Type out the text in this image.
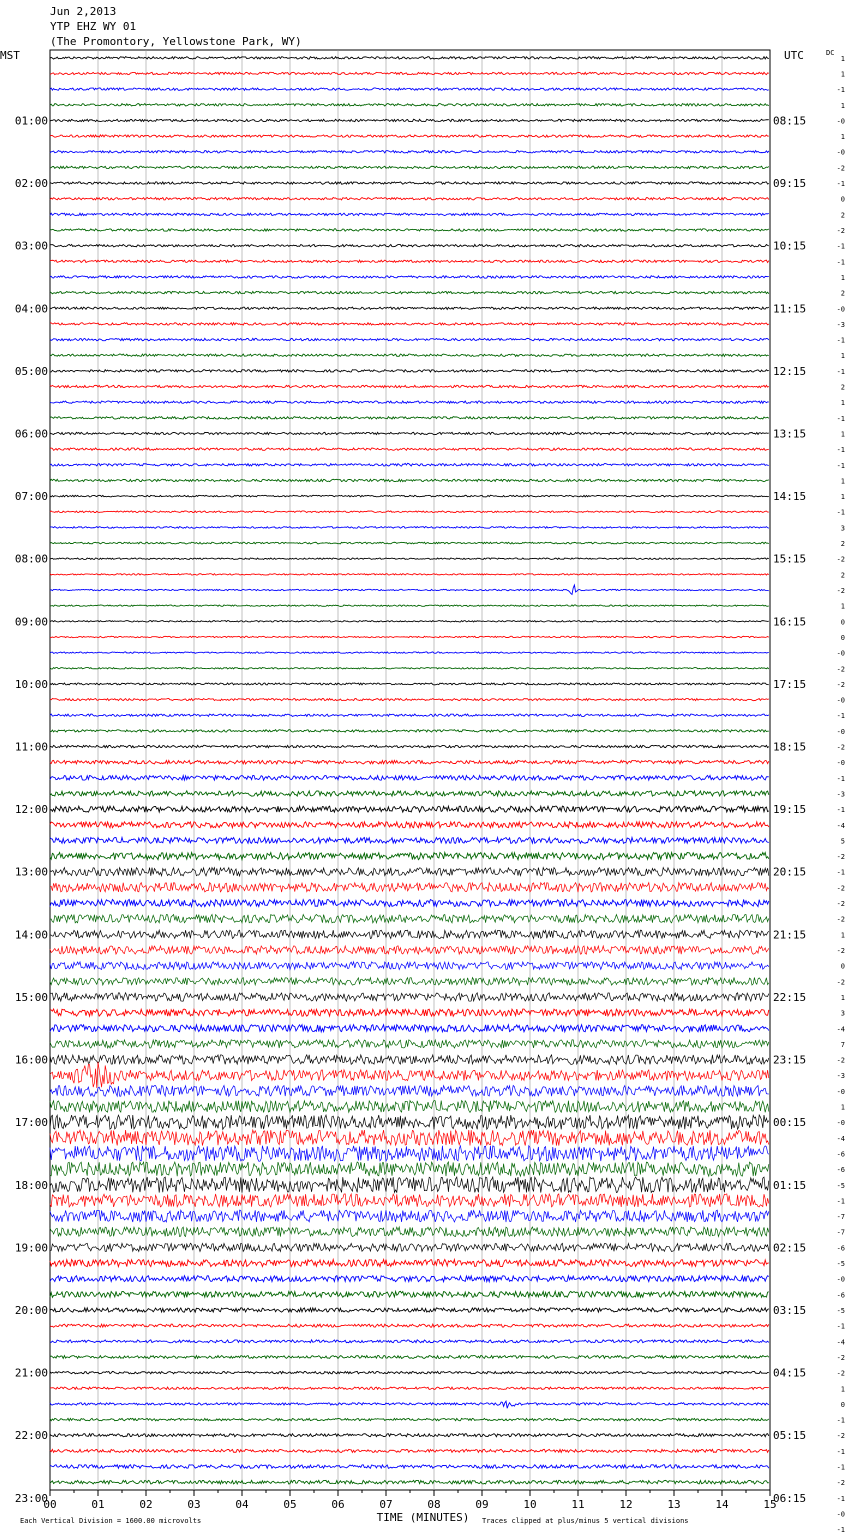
Jun 2,2013
YTP EHZ WY 01
(The Promontory, Yellowstone Park, WY)
MST	UTC	DC
01:00	08:15
02:00	09:15
03:00	10:15
04:00	11:15
05:00	12:15
06:00	13:15
07:00	14:15
08:00	15:15
09:00	16:15
10:00	17:15
11:00	18:15
12:00	19:15
13:00	20:15
14:00	21:15
15:00	22:15
16:00	23:15
17:00	00:15
18:00	01:15
19:00	02:15
20:00	03:15
21:00	04:15
22:00	05:15
23:00	06:15
1
1
-1
1
-0
1
-0
-2
-1
0
2
-2
-1
-1
1
2
-0
-3
-1
1
-1
2
1
-1
1
-1
-1
1
1
-1
3
2
-2
2
-2
1
0
0
-0
-2
-2
-0
-1
-0
-2
-0
-1
-3
-1
-4
5
-2
-1
-2
-2
-2
1
-2
0
-2
1
3
-4
7
-2
-3
-0
1
-0
-4
-6
-6
-5
-1
-7
-7
-6
-5
-0
-6
-5
-1
-4
-2
-2
1
0
-1
-2
-1
-1
-2
-1
-0
-1
00	01	02	03	04	05	06	07	08	09	10	11	12	13	14	15
TIME (MINUTES)
Each Vertical Division = 1600.00 microvolts	Traces clipped at plus/minus 5 vertical divisions
